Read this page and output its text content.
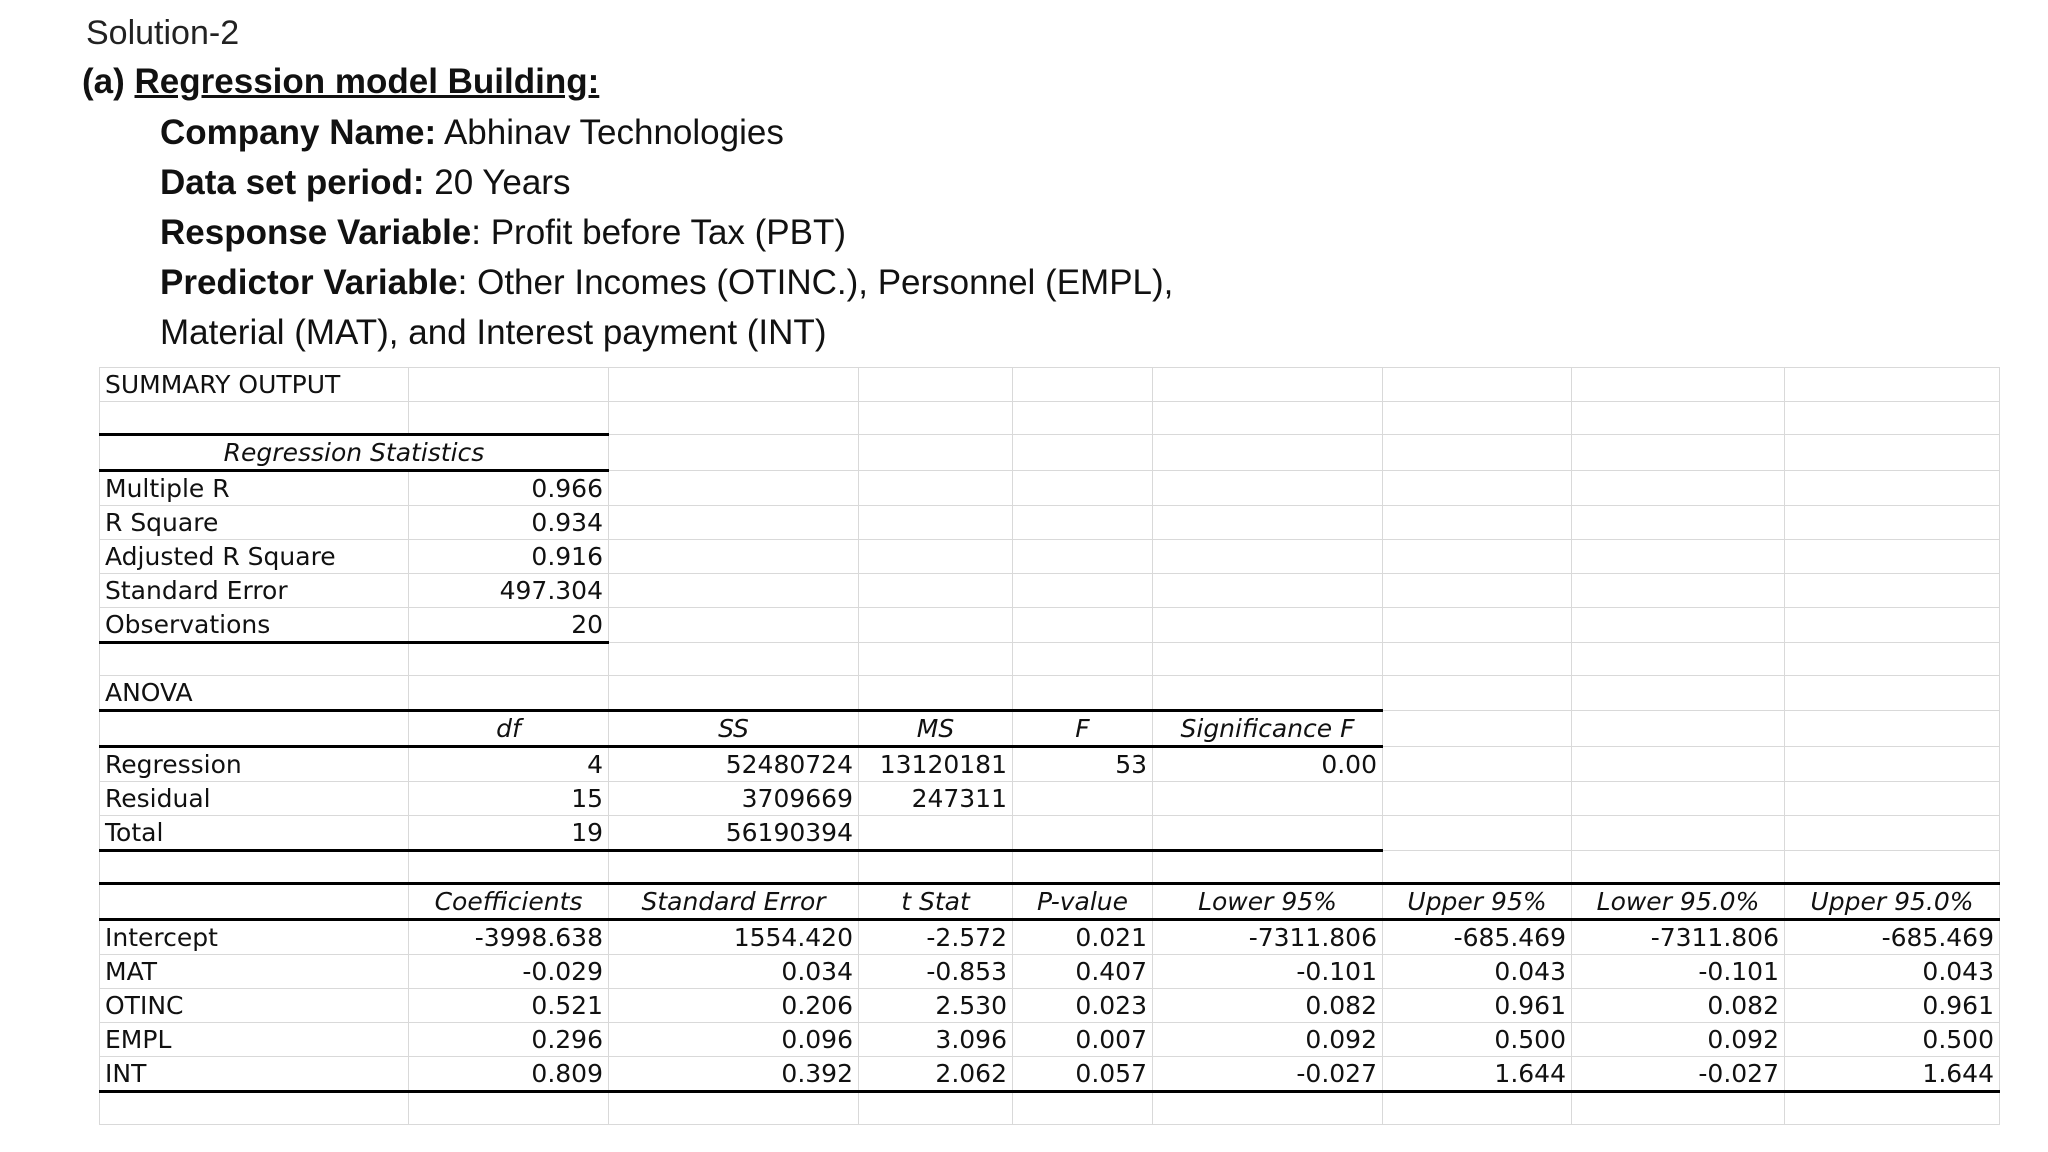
Solution-2
(a) Regression model Building:
Company Name: Abhinav Technologies
Data set period: 20 Years
Response Variable: Profit before Tax (PBT)
Predictor Variable: Other Incomes (OTINC.), Personnel (EMPL),
Material (MAT), and Interest payment (INT)
SUMMARY OUTPUT								

Regression Statistics								
Multiple R	0.966							
R Square	0.934							
Adjusted R Square	0.916							
Standard Error	497.304							
Observations	20							

ANOVA								
	df	SS	MS	F	Significance F			
Regression	4	52480724	13120181	53	0.00			
Residual	15	3709669	247311					
Total	19	56190394						

	Coefficients	Standard Error	t Stat	P-value	Lower 95%	Upper 95%	Lower 95.0%	Upper 95.0%
Intercept	-3998.638	1554.420	-2.572	0.021	-7311.806	-685.469	-7311.806	-685.469
MAT	-0.029	0.034	-0.853	0.407	-0.101	0.043	-0.101	0.043
OTINC	0.521	0.206	2.530	0.023	0.082	0.961	0.082	0.961
EMPL	0.296	0.096	3.096	0.007	0.092	0.500	0.092	0.500
INT	0.809	0.392	2.062	0.057	-0.027	1.644	-0.027	1.644
